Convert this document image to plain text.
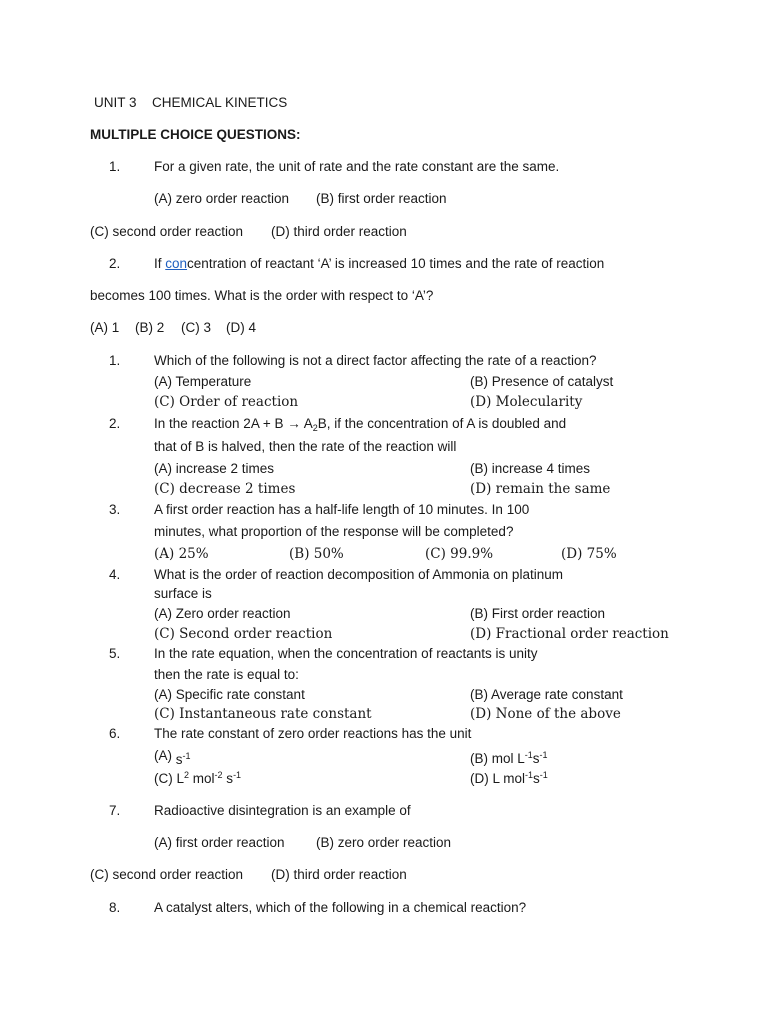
UNIT 3 CHEMICAL KINETICS
MULTIPLE CHOICE QUESTIONS:
1.	For a given rate, the unit of rate and the rate constant are the same.
(A) zero order reaction (B) first order reaction
(C) second order reaction (D) third order reaction
2.	If concentration of reactant ‘A’ is increased 10 times and the rate of reaction
becomes 100 times. What is the order with respect to ‘A’?
(A) 1 (B) 2 (C) 3 (D) 4
1.	Which of the following is not a direct factor affecting the rate of a reaction?
(A) Temperature	(B) Presence of catalyst
(C) Order of reaction	(D) Molecularity
2.	In the reaction $2A + B \to A_2B$, if the concentration of A is doubled and
that of B is halved, then the rate of the reaction will
(A) increase 2 times	(B) increase 4 times
(C) decrease 2 times	(D) remain the same
3.	A first order reaction has a half-life length of 10 minutes. In 100
minutes, what proportion of the response will be completed?
(A) 25%	(B) 50%	(C) 99.9%	(D) 75%
4.	What is the order of reaction decomposition of Ammonia on platinum
surface is
(A) Zero order reaction	(B) First order reaction
(C) Second order reaction	(D) Fractional order reaction
5.	In the rate equation, when the concentration of reactants is unity
then the rate is equal to:
(A) Specific rate constant	(B) Average rate constant
(C) Instantaneous rate constant	(D) None of the above
6.	The rate constant of zero order reactions has the unit
(A) $s^{-1}$	(B) mol $L^{-1}s^{-1}$
(C) $L^2$ mol$^{-2}$ $s^{-1}$	(D) L $mol^{-1}s^{-1}$
7.	Radioactive disintegration is an example of
(A) first order reaction (B) zero order reaction
(C) second order reaction (D) third order reaction
8.	A catalyst alters, which of the following in a chemical reaction?
